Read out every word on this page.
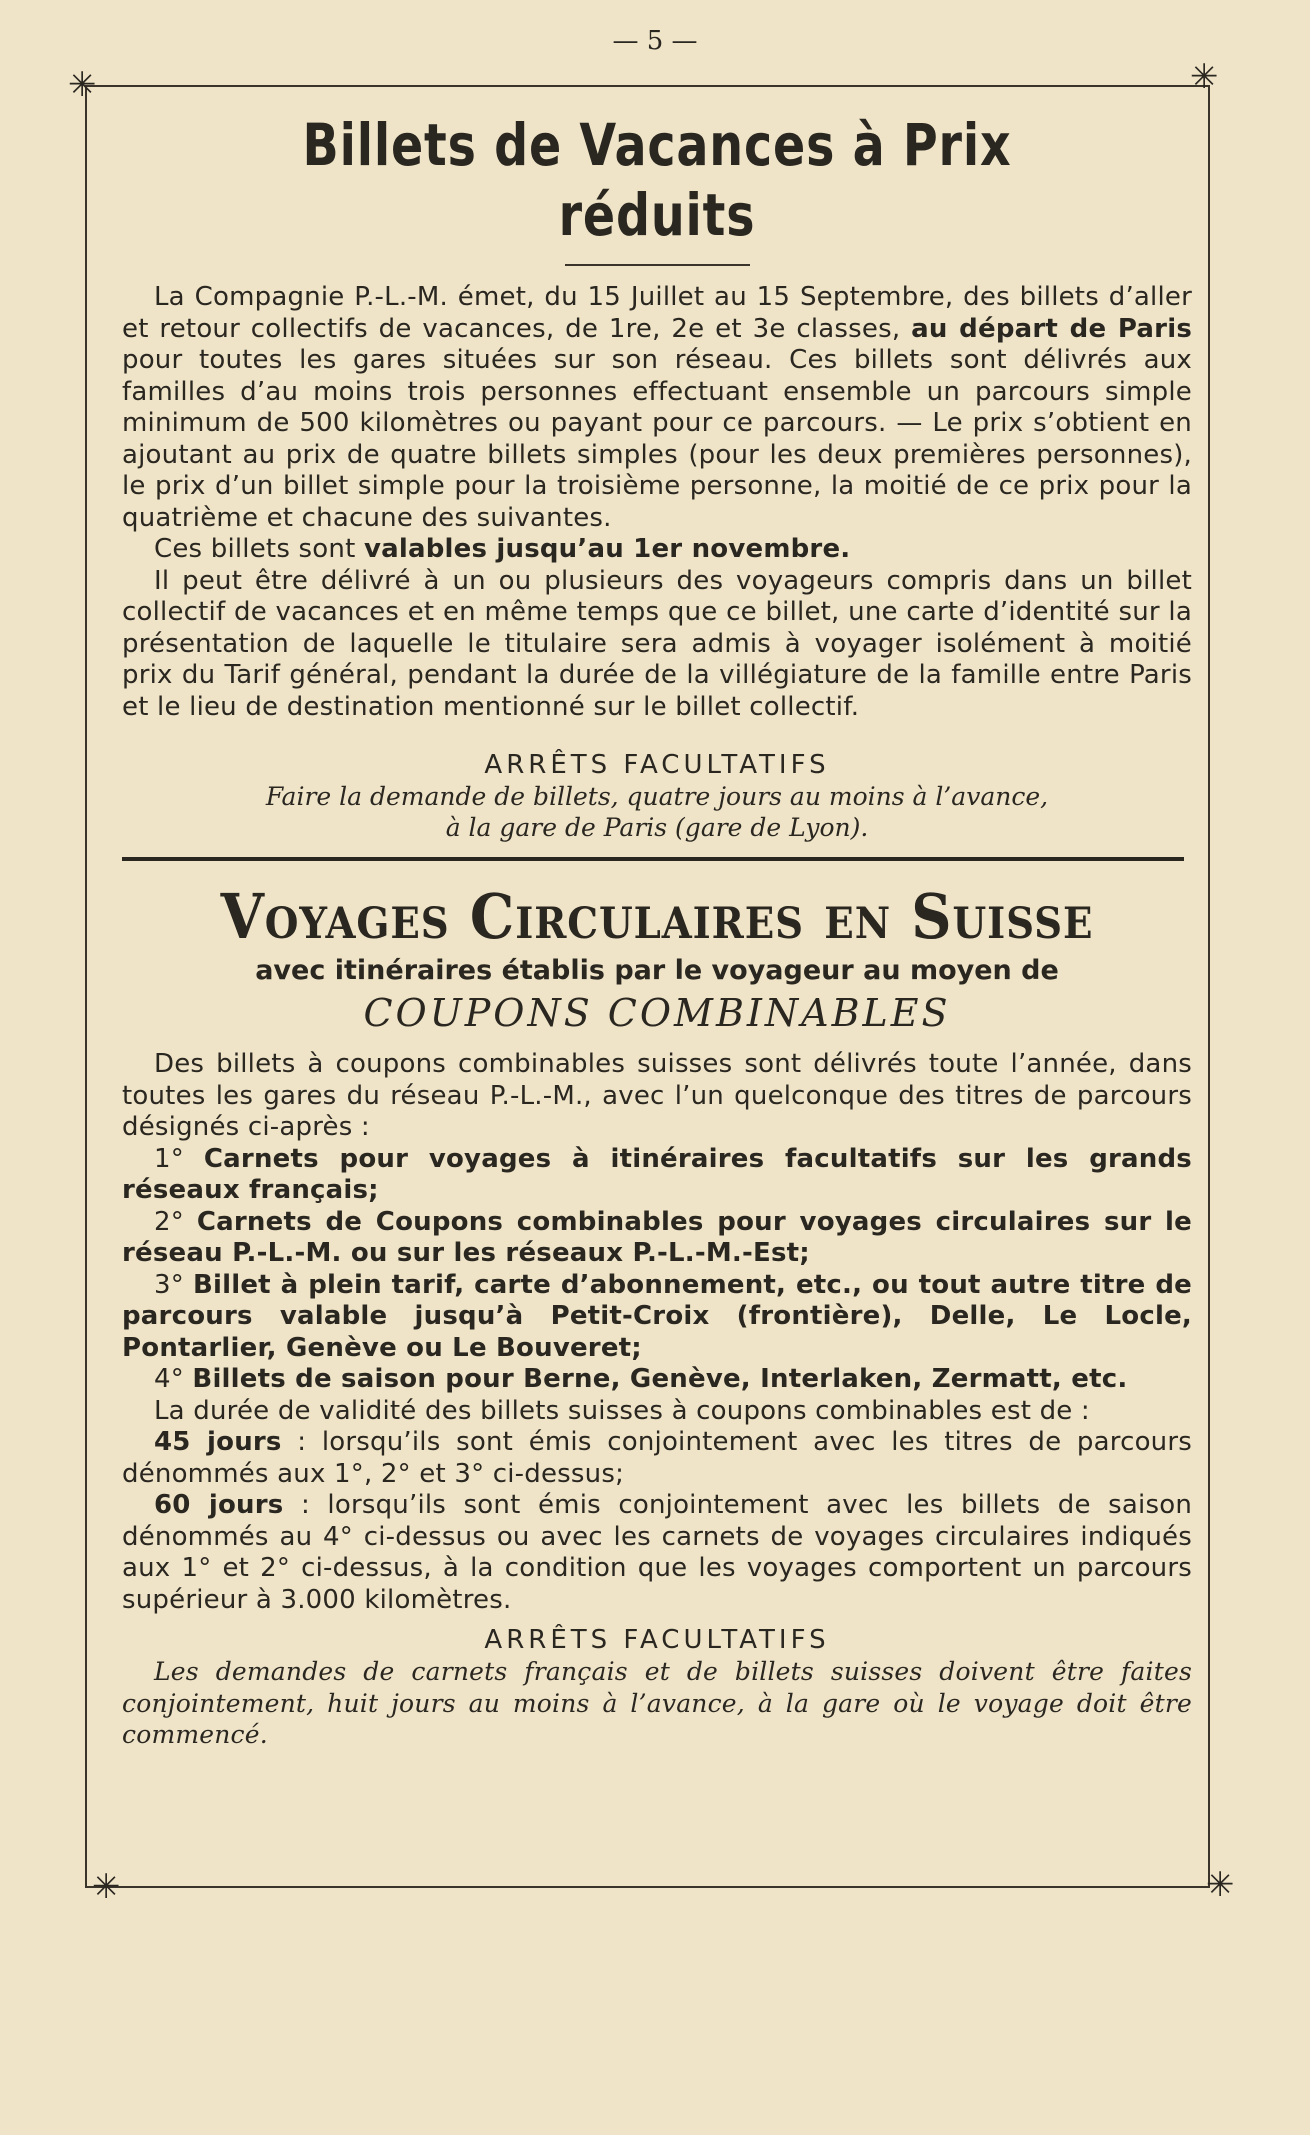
— 5 —
✳	✳
✳	✳
Billets de Vacances à Prix réduits

La Compagnie P.-L.-M. émet, du 15 Juillet au 15 Septembre, des billets d’aller et retour collectifs de vacances, de 1re, 2e et 3e classes, au départ de Paris pour toutes les gares situées sur son réseau. Ces billets sont délivrés aux familles d’au moins trois personnes effectuant ensemble un parcours simple minimum de 500 kilomètres ou payant pour ce parcours. — Le prix s’obtient en ajoutant au prix de quatre billets simples (pour les deux premières personnes), le prix d’un billet simple pour la troisième personne, la moitié de ce prix pour la quatrième et chacune des suivantes.

Ces billets sont valables jusqu’au 1er novembre.

Il peut être délivré à un ou plusieurs des voyageurs compris dans un billet collectif de vacances et en même temps que ce billet, une carte d’identité sur la présentation de laquelle le titulaire sera admis à voyager isolément à moitié prix du Tarif général, pendant la durée de la villégiature de la famille entre Paris et le lieu de destination mentionné sur le billet collectif.

ARRÊTS FACULTATIFS
Faire la demande de billets, quatre jours au moins à l’avance,
à la gare de Paris (gare de Lyon).
Voyages Circulaires en Suisse
avec itinéraires établis par le voyageur au moyen de
COUPONS COMBINABLES

Des billets à coupons combinables suisses sont délivrés toute l’année, dans toutes les gares du réseau P.-L.-M., avec l’un quelconque des titres de parcours désignés ci-après :

1° Carnets pour voyages à itinéraires facultatifs sur les grands réseaux français;

2° Carnets de Coupons combinables pour voyages circulaires sur le réseau P.-L.-M. ou sur les réseaux P.-L.-M.-Est;

3° Billet à plein tarif, carte d’abonnement, etc., ou tout autre titre de parcours valable jusqu’à Petit-Croix (frontière), Delle, Le Locle, Pontarlier, Genève ou Le Bouveret;

4° Billets de saison pour Berne, Genève, Interlaken, Zermatt, etc.

La durée de validité des billets suisses à coupons combinables est de :

45 jours : lorsqu’ils sont émis conjointement avec les titres de parcours dénommés aux 1°, 2° et 3° ci-dessus;

60 jours : lorsqu’ils sont émis conjointement avec les billets de saison dénommés au 4° ci-dessus ou avec les carnets de voyages circulaires indiqués aux 1° et 2° ci-dessus, à la condition que les voyages comportent un parcours supérieur à 3.000 kilomètres.

ARRÊTS FACULTATIFS

Les demandes de carnets français et de billets suisses doivent être faites conjointement, huit jours au moins à l’avance, à la gare où le voyage doit être commencé.
